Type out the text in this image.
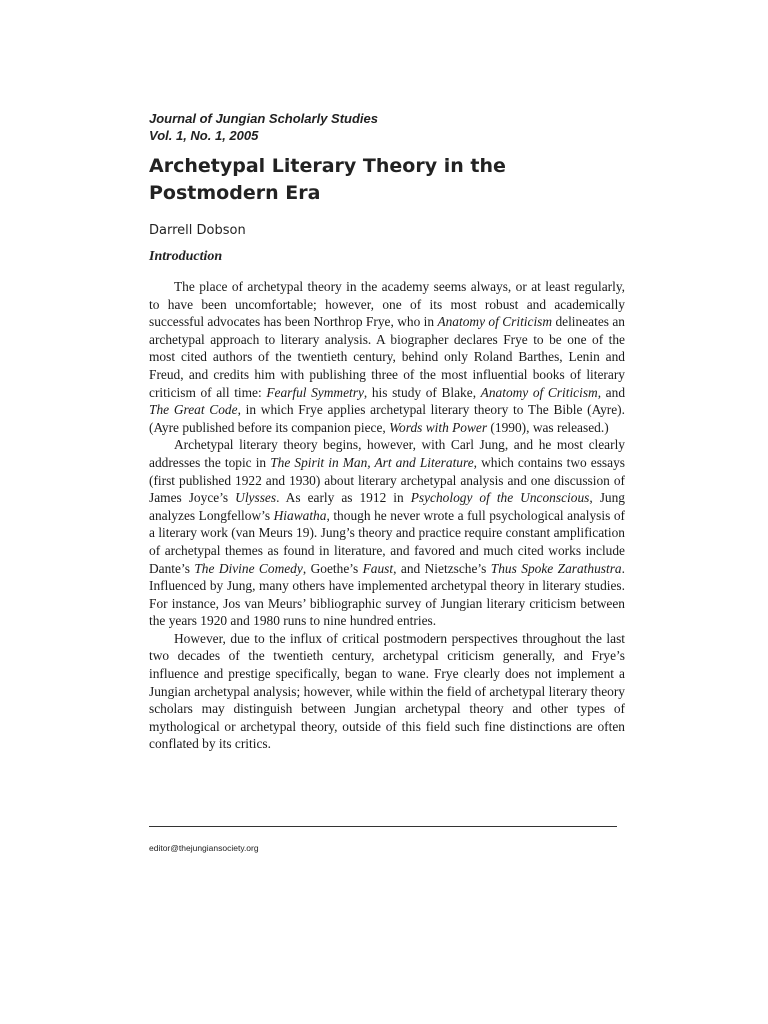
Journal of Jungian Scholarly Studies
Vol. 1, No. 1, 2005
Archetypal Literary Theory in the Postmodern Era
Darrell Dobson
Introduction

The place of archetypal theory in the academy seems always, or at least regularly, to have been uncomfortable; however, one of its most robust and academically successful advocates has been Northrop Frye, who in Anatomy of Criticism delineates an archetypal approach to literary analysis. A biographer declares Frye to be one of the most cited authors of the twentieth century, behind only Roland Barthes, Lenin and Freud, and credits him with publishing three of the most influential books of literary criticism of all time: Fearful Symmetry, his study of Blake, Anatomy of Criticism, and The Great Code, in which Frye applies archetypal literary theory to The Bible (Ayre). (Ayre published before its companion piece, Words with Power (1990), was released.)

Archetypal literary theory begins, however, with Carl Jung, and he most clearly addresses the topic in The Spirit in Man, Art and Literature, which contains two essays (first published 1922 and 1930) about literary archetypal analysis and one discussion of James Joyce’s Ulysses. As early as 1912 in Psychology of the Unconscious, Jung analyzes Longfellow’s Hiawatha, though he never wrote a full psychological analysis of a literary work (van Meurs 19). Jung’s theory and practice require constant amplification of archetypal themes as found in literature, and favored and much cited works include Dante’s The Divine Comedy, Goethe’s Faust, and Nietzsche’s Thus Spoke Zarathustra. Influenced by Jung, many others have implemented archetypal theory in literary studies. For instance, Jos van Meurs’ bibliographic survey of Jungian literary criticism between the years 1920 and 1980 runs to nine hundred entries.

However, due to the influx of critical postmodern perspectives throughout the last two decades of the twentieth century, archetypal criticism generally, and Frye’s influence and prestige specifically, began to wane. Frye clearly does not implement a Jungian archetypal analysis; however, while within the field of archetypal literary theory scholars may distinguish between Jungian archetypal theory and other types of mythological or archetypal theory, outside of this field such fine distinctions are often conflated by its critics.

editor@thejungiansociety.org
